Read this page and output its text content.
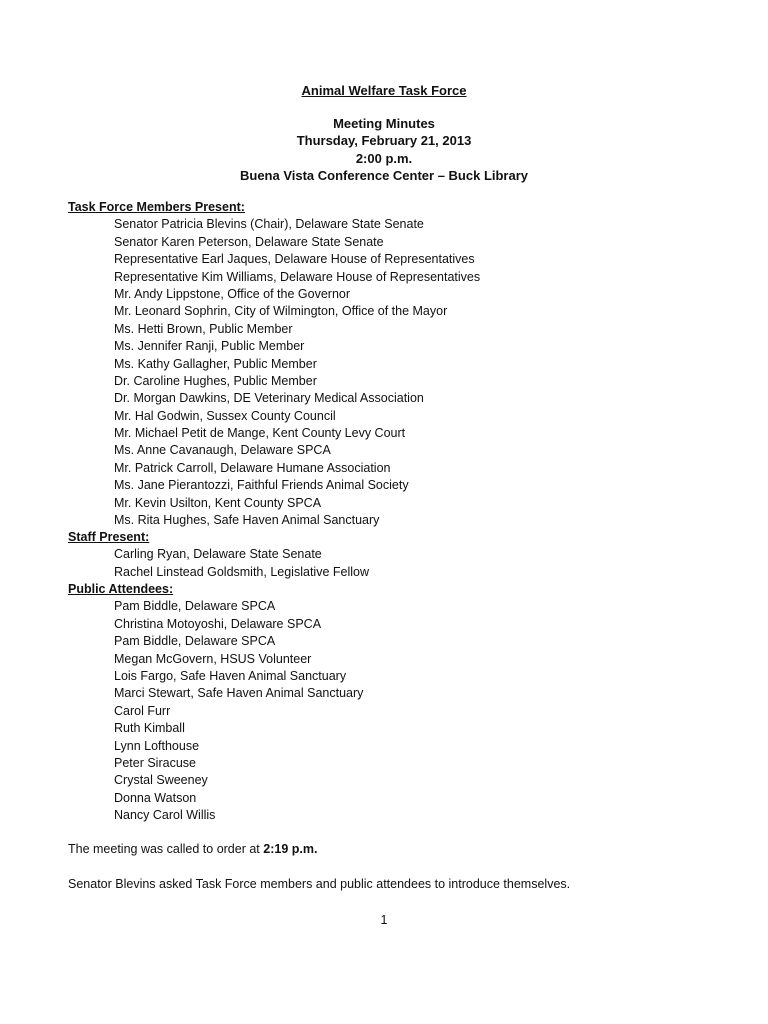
Animal Welfare Task Force
Meeting Minutes
Thursday, February 21, 2013
2:00 p.m.
Buena Vista Conference Center – Buck Library
Task Force Members Present:
Senator Patricia Blevins (Chair), Delaware State Senate
Senator Karen Peterson, Delaware State Senate
Representative Earl Jaques, Delaware House of Representatives
Representative Kim Williams, Delaware House of Representatives
Mr. Andy Lippstone, Office of the Governor
Mr. Leonard Sophrin, City of Wilmington, Office of the Mayor
Ms. Hetti Brown, Public Member
Ms. Jennifer Ranji, Public Member
Ms. Kathy Gallagher, Public Member
Dr. Caroline Hughes, Public Member
Dr. Morgan Dawkins, DE Veterinary Medical Association
Mr. Hal Godwin, Sussex County Council
Mr. Michael Petit de Mange, Kent County Levy Court
Ms. Anne Cavanaugh, Delaware SPCA
Mr. Patrick Carroll, Delaware Humane Association
Ms. Jane Pierantozzi, Faithful Friends Animal Society
Mr. Kevin Usilton, Kent County SPCA
Ms. Rita Hughes, Safe Haven Animal Sanctuary
Staff Present:
Carling Ryan, Delaware State Senate
Rachel Linstead Goldsmith, Legislative Fellow
Public Attendees:
Pam Biddle, Delaware SPCA
Christina Motoyoshi, Delaware SPCA
Pam Biddle, Delaware SPCA
Megan McGovern, HSUS Volunteer
Lois Fargo, Safe Haven Animal Sanctuary
Marci Stewart, Safe Haven Animal Sanctuary
Carol Furr
Ruth Kimball
Lynn Lofthouse
Peter Siracuse
Crystal Sweeney
Donna Watson
Nancy Carol Willis
The meeting was called to order at 2:19 p.m.
Senator Blevins asked Task Force members and public attendees to introduce themselves.
1
